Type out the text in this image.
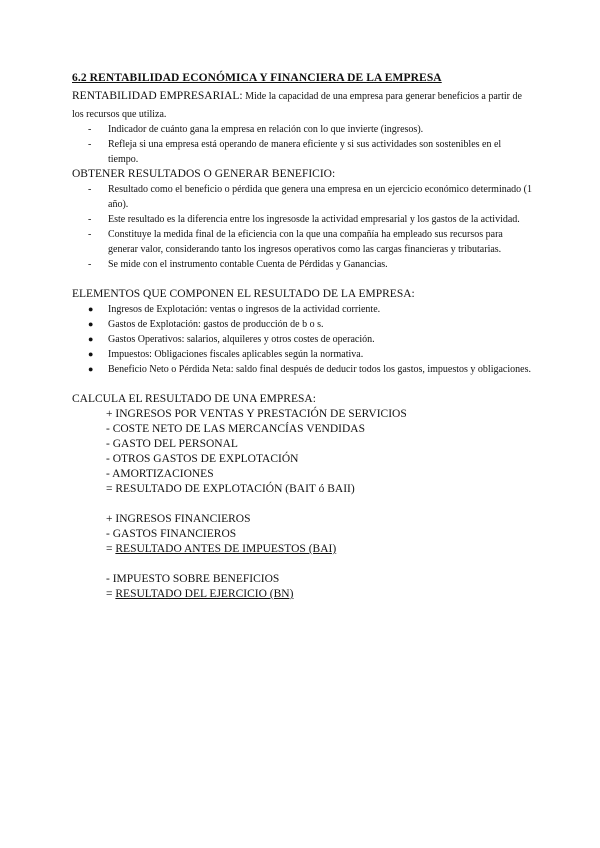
6.2 RENTABILIDAD ECONÓMICA Y FINANCIERA DE LA EMPRESA

RENTABILIDAD EMPRESARIAL: Mide la capacidad de una empresa para generar beneficios a partir de los recursos que utiliza.

- Indicador de cuánto gana la empresa en relación con lo que invierte (ingresos).
- Refleja si una empresa está operando de manera eficiente y si sus actividades son sostenibles en el tiempo.

OBTENER RESULTADOS O GENERAR BENEFICIO:

- Resultado como el beneficio o pérdida que genera una empresa en un ejercicio económico determinado (1 año).
- Este resultado es la diferencia entre los ingresosde la actividad empresarial y los gastos de la actividad.
- Constituye la medida final de la eficiencia con la que una compañía ha empleado sus recursos para generar valor, considerando tanto los ingresos operativos como las cargas financieras y tributarias.
- Se mide con el instrumento contable Cuenta de Pérdidas y Ganancias.

ELEMENTOS QUE COMPONEN EL RESULTADO DE LA EMPRESA:

● Ingresos de Explotación: ventas o ingresos de la actividad corriente.
● Gastos de Explotación: gastos de producción de b o s.
● Gastos Operativos: salarios, alquileres y otros costes de operación.
● Impuestos: Obligaciones fiscales aplicables según la normativa.
● Beneficio Neto o Pérdida Neta: saldo final después de deducir todos los gastos, impuestos y obligaciones.

CALCULA EL RESULTADO DE UNA EMPRESA:

+ INGRESOS POR VENTAS Y PRESTACIÓN DE SERVICIOS
- COSTE NETO DE LAS MERCANCÍAS VENDIDAS
- GASTO DEL PERSONAL
- OTROS GASTOS DE EXPLOTACIÓN
- AMORTIZACIONES
= RESULTADO DE EXPLOTACIÓN (BAIT ó BAII)
+ INGRESOS FINANCIEROS
- GASTOS FINANCIEROS
= RESULTADO ANTES DE IMPUESTOS (BAI)
- IMPUESTO SOBRE BENEFICIOS
= RESULTADO DEL EJERCICIO (BN)
